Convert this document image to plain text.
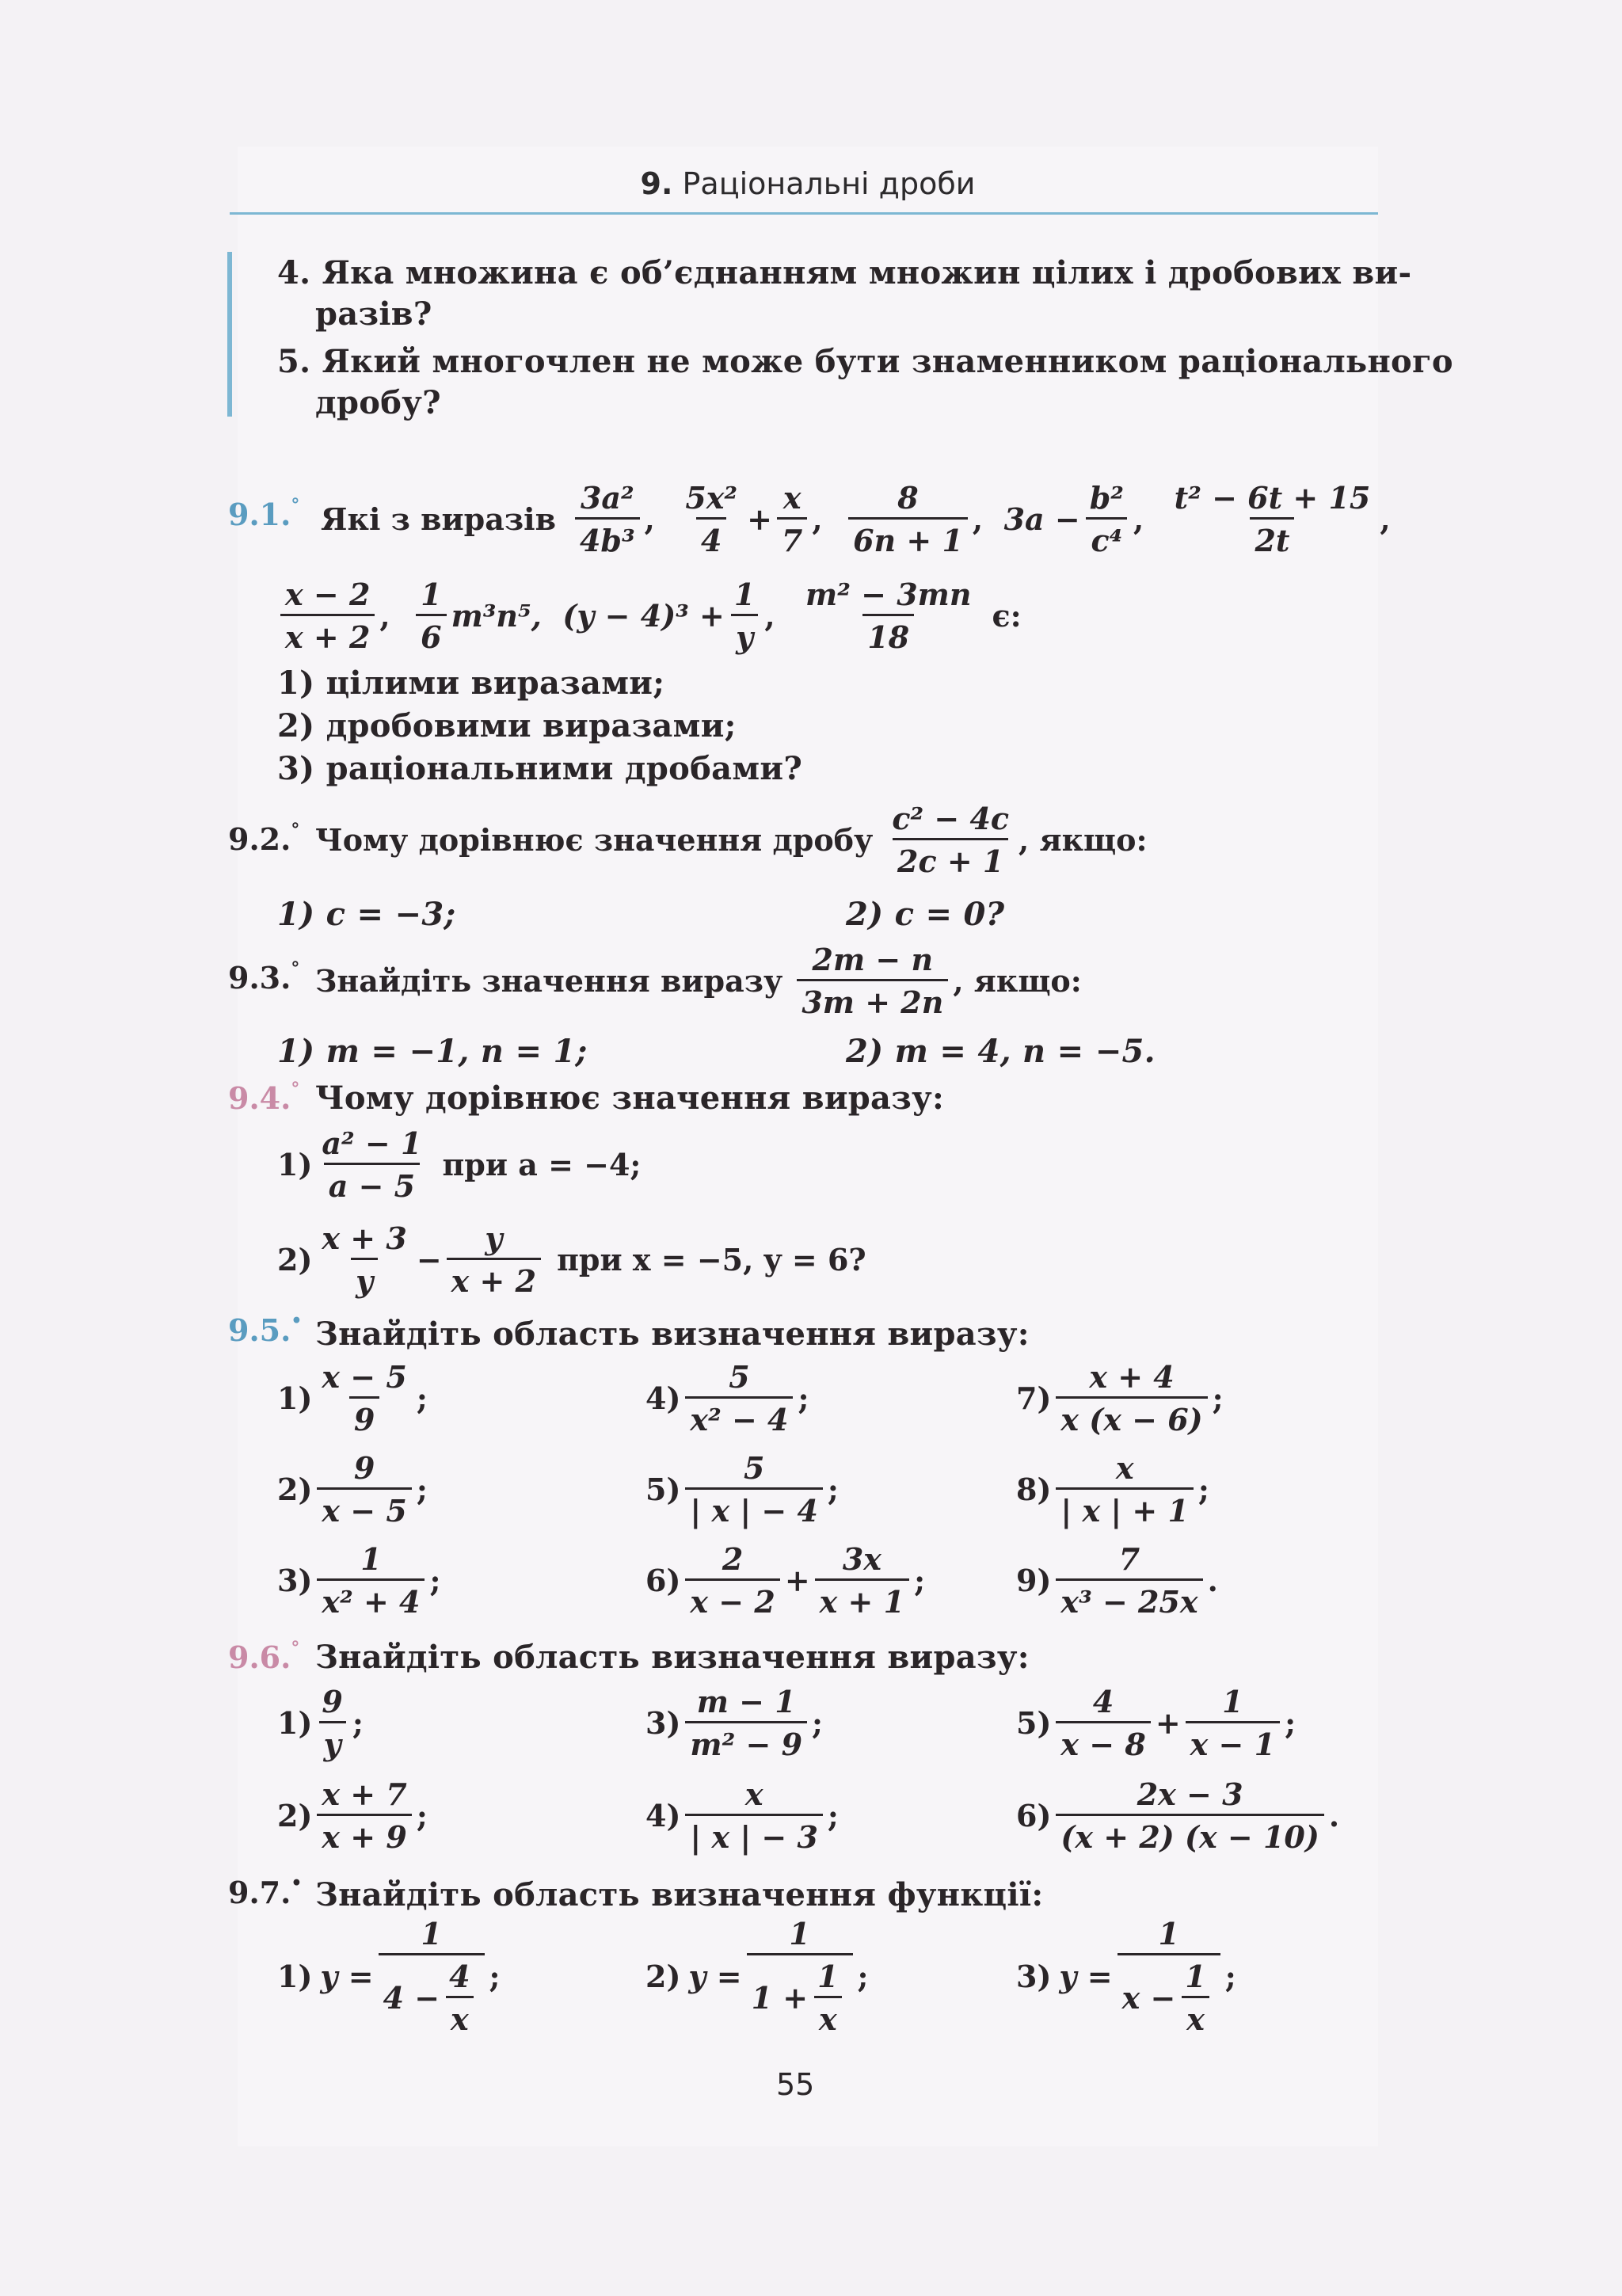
9. Раціональні дроби
4. Яка множина є об’єднанням множин цілих і дробових ви-
разів?
5. Який многочлен не може бути знаменником раціонального
дробу?
9.1.° Які з виразів $\frac{\text{3a²}}{\text{4b³}}$ , $\frac{\text{5x²}}{4} + \frac{x}{7}$ , $\frac{8}{6n + 1}$ , $3a - \frac{\text{b²}}{\text{c⁴}}$ , $\frac{\text{t² − 6t + 15}}{2t}$ ,
$\frac{x - 2}{x + 2}$ , $\frac{1}{6} m^3n^5$,
$(y - 4)^3 + \frac{1}{y}$ , $\frac{\text{m² − 3mn}}{18} є$:
1) цілими виразами;
2) дробовими виразами;
3) раціональними дробами?
9.2.° Чому дорівнює значення дробу $\frac{\text{c² − 4c}}{2c + 1}$ , якщо:
1) c = −3;	2) c = 0?
9.3.° Знайдіть значення виразу $\frac{2m - n}{3m + 2n}$ , якщо:
1) m = −1, n = 1;	2) m = 4, n = −5.
9.4.° Чому дорівнює значення виразу:
$1) \frac{\text{a² − 1}}{a - 5}$ при a = −4;
$2) \frac{x + 3}{y} - \frac{y}{x + 2}$ при x = −5, y = 6?
9.5.• Знайдіть область визначення виразу:
$1) \frac{x - 5}{9}$ ;	$4) \frac{5}{\text{x² − 4}}$ ;	$7) \frac{x + 4}{x (x - 6)}$ ;
$2) \frac{9}{x - 5}$ ;	$5) \frac{5}{| x | - 4}$ ;	$8) \frac{x}{| x | + 1}$ ;
$3) \frac{1}{\text{x² + 4}}$ ;	$6) \frac{2}{x - 2} + \frac{3x}{x + 1}$ ;	$9) \frac{7}{\text{x³ − 25x}}$ .
9.6.° Знайдіть область визначення виразу:
$1) \frac{9}{y}$ ;	$3) \frac{m - 1}{\text{m² − 9}}$ ;	$5) \frac{4}{x - 8} + \frac{1}{x - 1}$ ;
$2) \frac{x + 7}{x + 9}$ ;	$4) \frac{x}{| x | - 3}$ ;	$6) \frac{2x - 3}{(x + 2) (x - 10)}$ .
9.7.• Знайдіть область визначення функції:
1) $y = \frac{1}{4 - \frac{4}{x}}$ ;	2) $y = \frac{1}{1 + \frac{1}{x}}$ ;	3) $y = \frac{1}{x - \frac{1}{x}}$ ;
55
